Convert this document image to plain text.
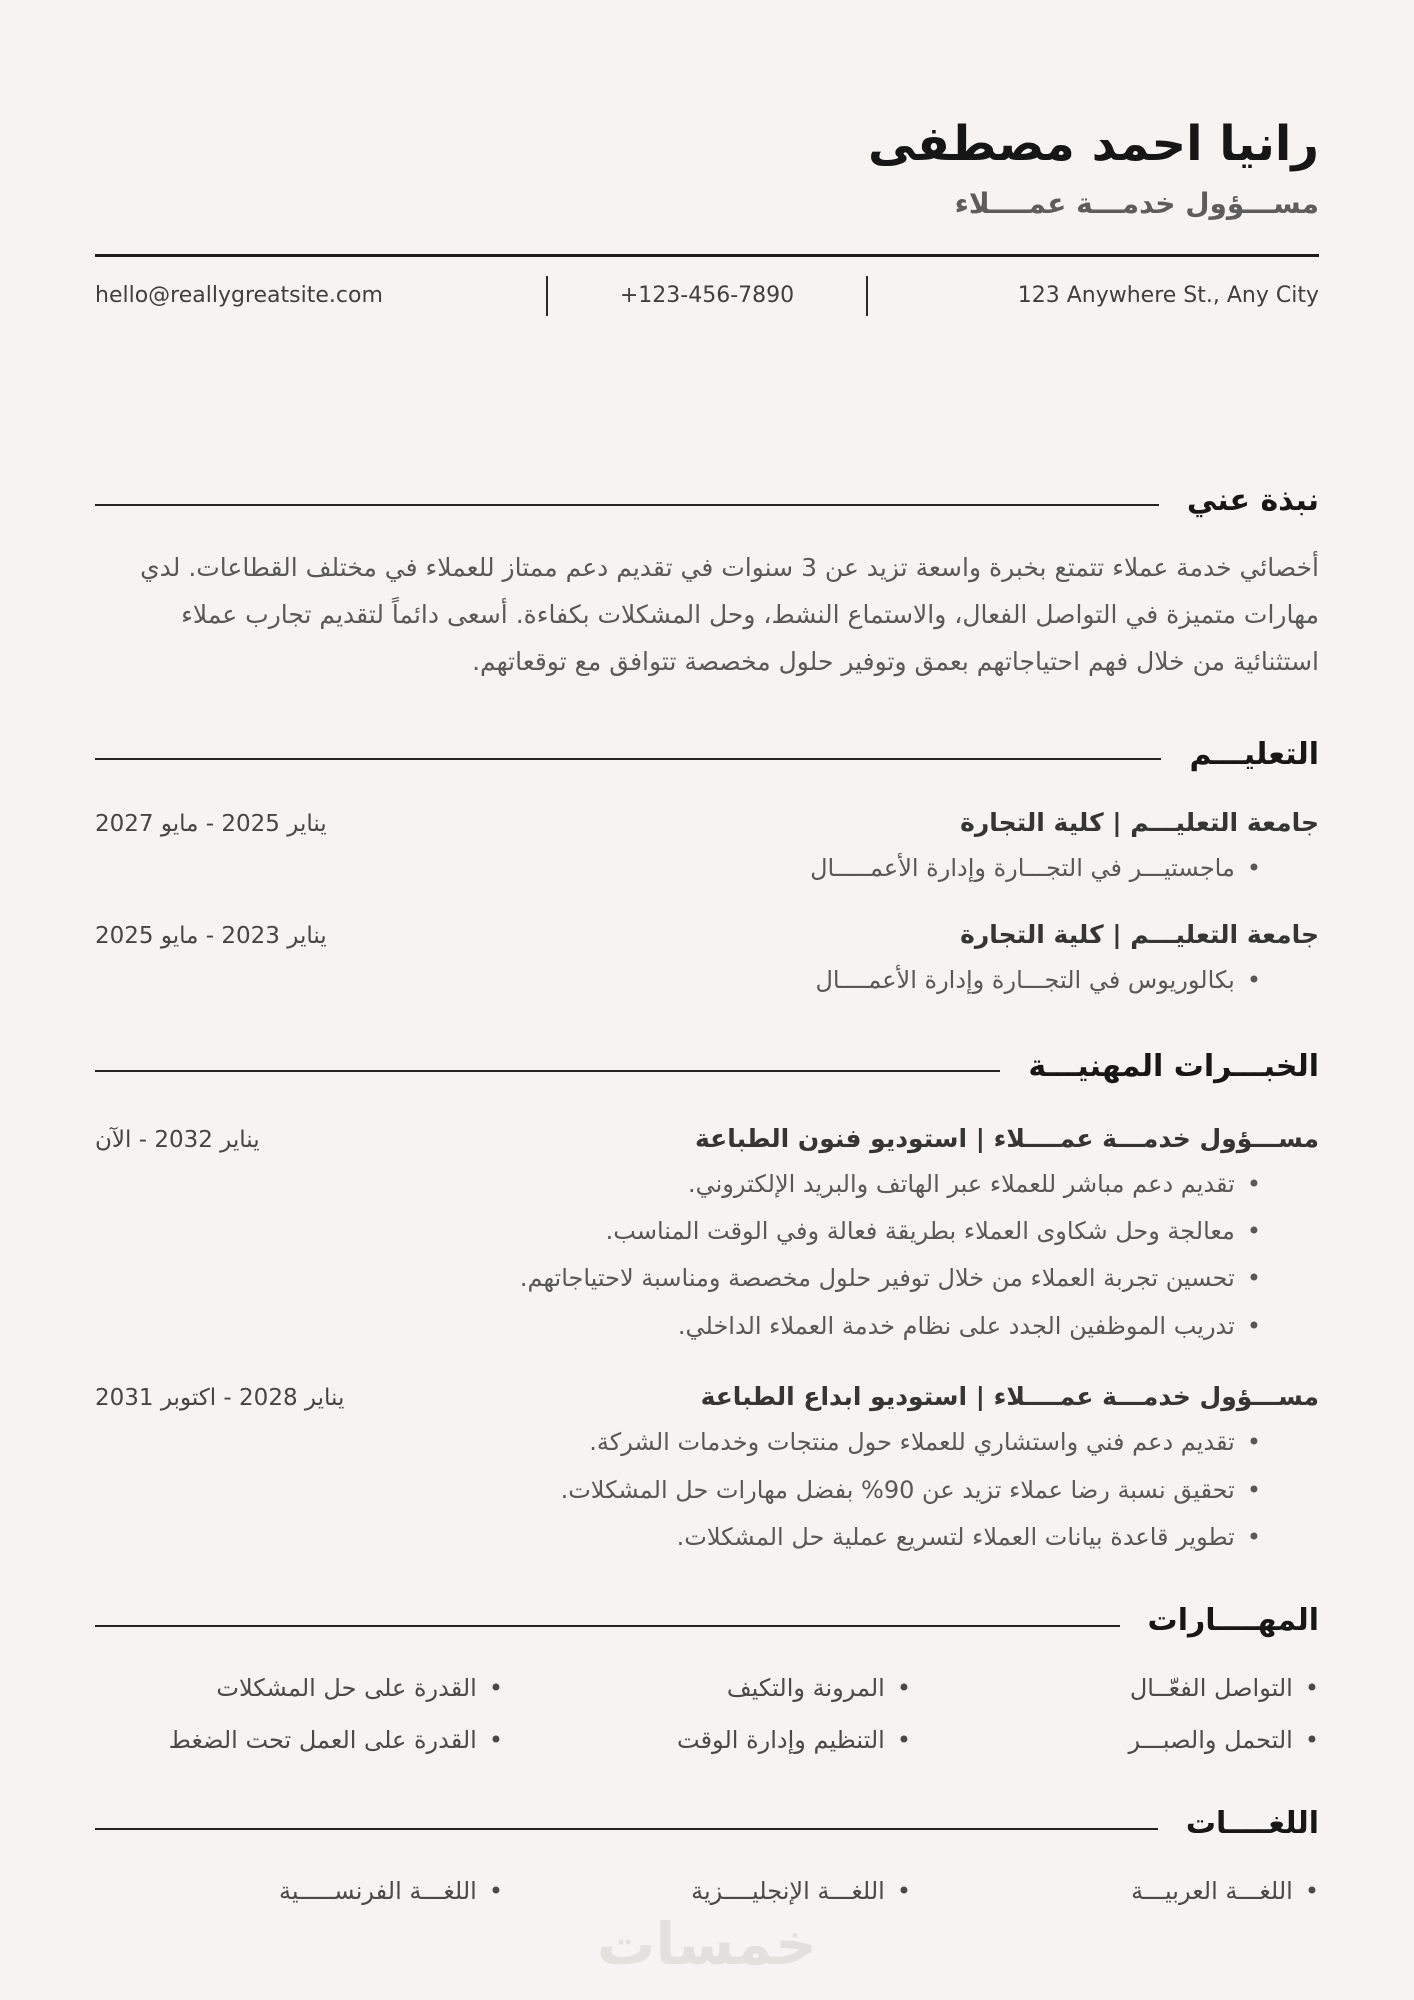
رانيا احمد مصطفى
مســـؤول خدمـــة عمــــلاء
hello@reallygreatsite.com	+123-456-7890	123 Anywhere St., Any City
نبذة عني

أخصائي خدمة عملاء تتمتع بخبرة واسعة تزيد عن 3 سنوات في تقديم دعم ممتاز للعملاء في مختلف القطاعات. لدي مهارات متميزة في التواصل الفعال، والاستماع النشط، وحل المشكلات بكفاءة. أسعى دائماً لتقديم تجارب عملاء استثنائية من خلال فهم احتياجاتهم بعمق وتوفير حلول مخصصة تتوافق مع توقعاتهم.

التعليـــم
جامعة التعليـــم | كلية التجارة
يناير 2025 - مايو 2027
• ماجستيـــر في التجـــارة وإدارة الأعمـــــال
جامعة التعليـــم | كلية التجارة
يناير 2023 - مايو 2025
• بكالوريوس في التجـــارة وإدارة الأعمــــال
الخبـــرات المهنيـــة
مســـؤول خدمـــة عمــــلاء | استوديو فنون الطباعة
يناير 2032 - الآن
• تقديم دعم مباشر للعملاء عبر الهاتف والبريد الإلكتروني.
• معالجة وحل شكاوى العملاء بطريقة فعالة وفي الوقت المناسب.
• تحسين تجربة العملاء من خلال توفير حلول مخصصة ومناسبة لاحتياجاتهم.
• تدريب الموظفين الجدد على نظام خدمة العملاء الداخلي.
مســـؤول خدمـــة عمــــلاء | استوديو ابداع الطباعة
يناير 2028 - اكتوبر 2031
• تقديم دعم فني واستشاري للعملاء حول منتجات وخدمات الشركة.
• تحقيق نسبة رضا عملاء تزيد عن 90% بفضل مهارات حل المشكلات.
• تطوير قاعدة بيانات العملاء لتسريع عملية حل المشكلات.
المهــــارات
• التواصل الفعّــال
• المرونة والتكيف
• القدرة على حل المشكلات
• التحمل والصبـــر
• التنظيم وإدارة الوقت
• القدرة على العمل تحت الضغط
اللغــــات
• اللغـــة العربيـــة
• اللغـــة الإنجليــــزية
• اللغـــة الفرنســـــية
خمسات
